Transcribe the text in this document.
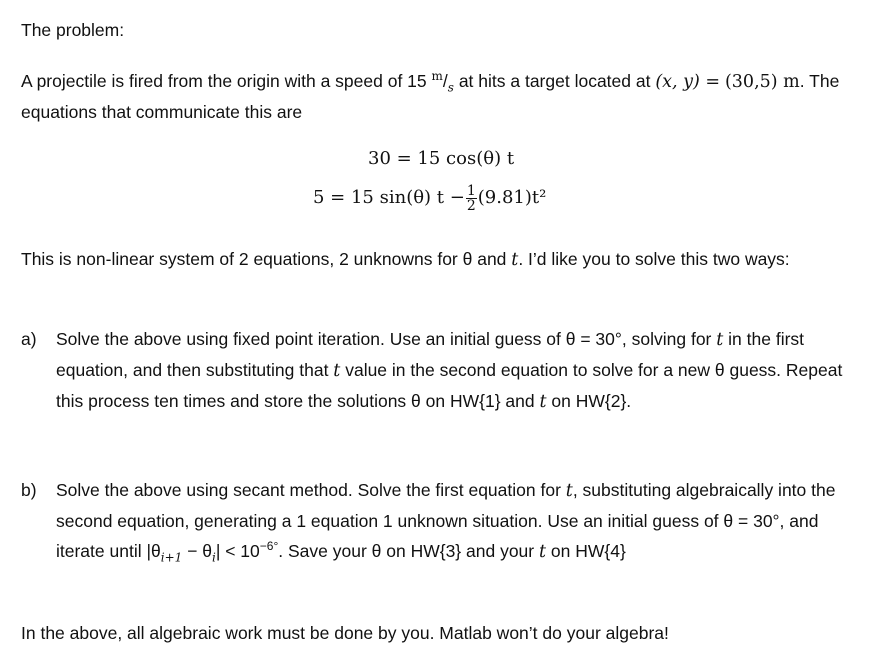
The problem:
A projectile is fired from the origin with a speed of 15 $^m/_s$ at hits a target located at (x, y) = (30,5) m. The equations that communicate this are
30 = 15 cos(θ) t
5 = 15 sin(θ) $t - \frac{1}{2} (9.81)t^2$
This is non-linear system of 2 equations, 2 unknowns for θ and t. I’d like you to solve this two ways:
a) Solve the above using fixed point iteration. Use an initial guess of θ = 30°, solving for t in the first equation, and then substituting that t value in the second equation to solve for a new θ guess. Repeat this process ten times and store the solutions θ on HW{1} and t on HW{2}.
b) Solve the above using secant method. Solve the first equation for t, substituting algebraically into the second equation, generating a 1 equation 1 unknown situation. Use an initial guess of θ = 30°, and iterate until $|\theta_{i+1} - \theta_i| < 10^{-6^\circ}$. Save your θ on HW{3} and your t on HW{4}
In the above, all algebraic work must be done by you. Matlab won’t do your algebra!
